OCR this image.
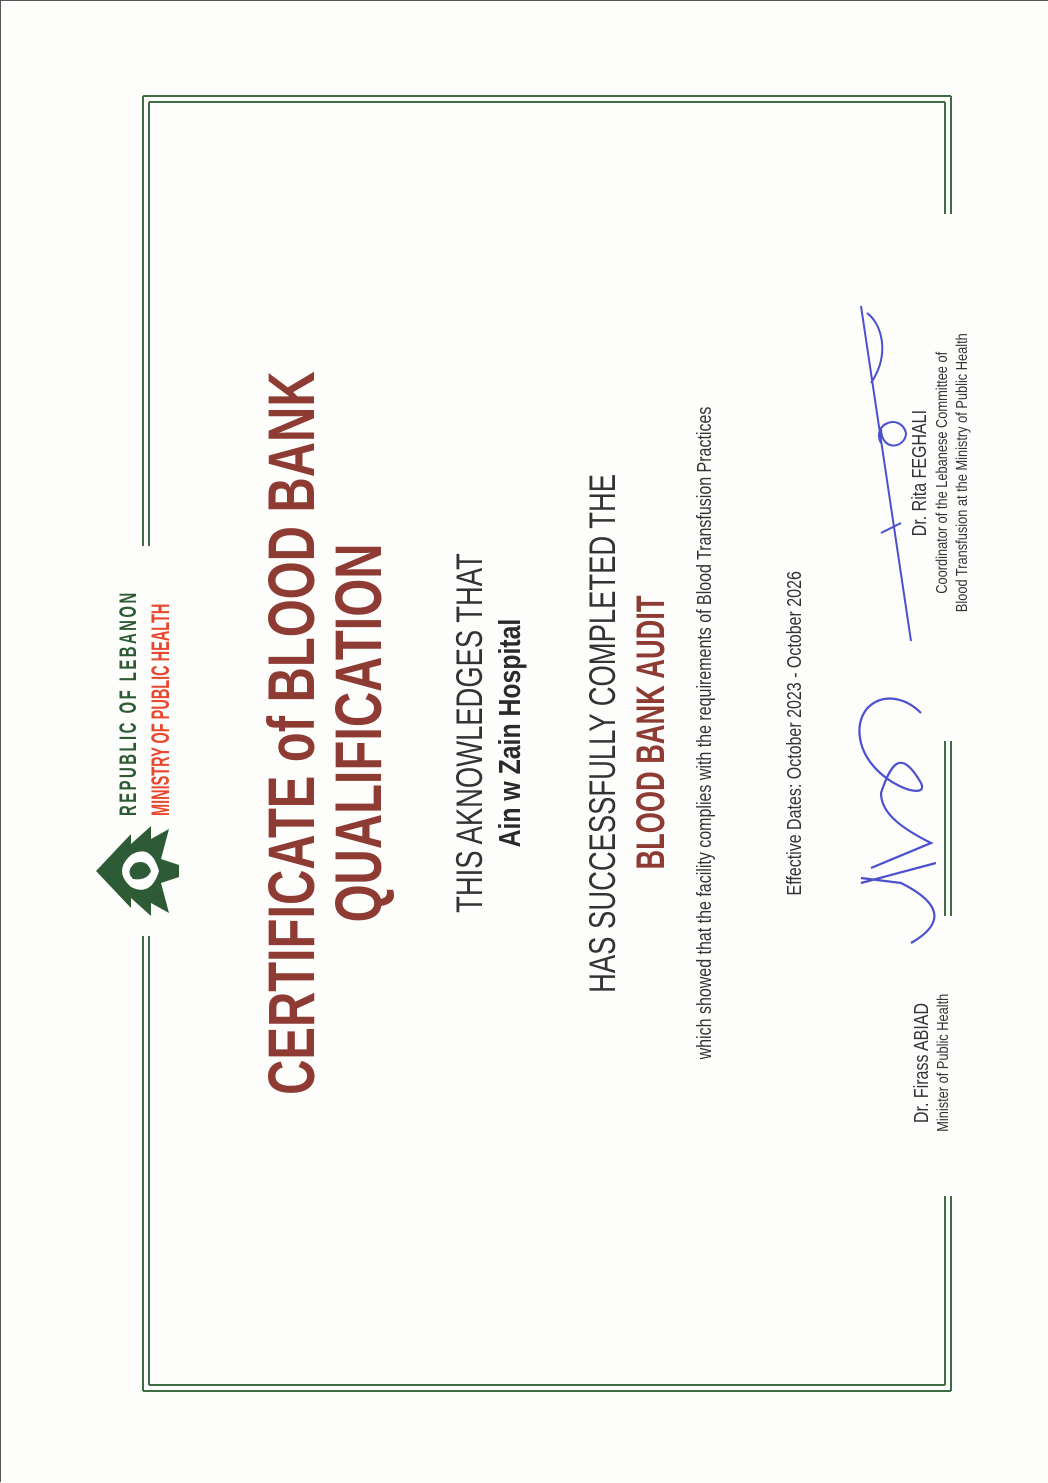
REPUBLIC OF LEBANON MINISTRY OF PUBLIC HEALTH CERTIFICATE of BLOOD BANK
QUALIFICATION THIS AKNOWLEDGES THAT Ain w Zain Hospital HAS SUCCESSFULLY COMPLETED THE BLOOD BANK AUDIT which showed that the facility complies with the requirements of Blood Transfusion Practices	Effective Dates: October 2023 - October 2026
Dr. Firass ABIAD Minister of Public Health
Dr. Rita FEGHALI Coordinator of the Lebanese Committee of Blood Transfusion at the Ministry of Public Health
